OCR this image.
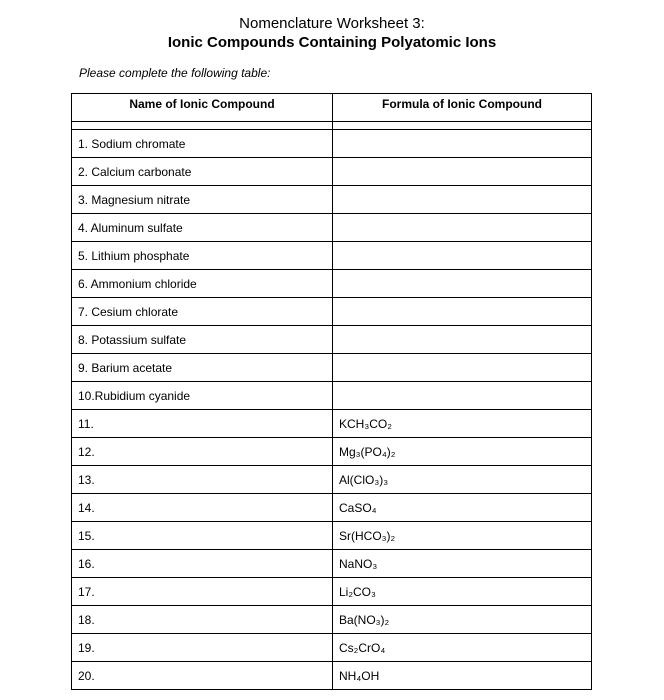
Nomenclature Worksheet 3:
Ionic Compounds Containing Polyatomic Ions
Please complete the following table:
Name of Ionic Compound	Formula of Ionic Compound

1. Sodium chromate	
2. Calcium carbonate	
3. Magnesium nitrate	
4. Aluminum sulfate	
5. Lithium phosphate	
6. Ammonium chloride	
7. Cesium chlorate	
8. Potassium sulfate	
9. Barium acetate	
10.Rubidium cyanide	
11.	KCH₃CO₂
12.	Mg₃(PO₄)₂
13.	Al(ClO₃)₃
14.	CaSO₄
15.	Sr(HCO₃)₂
16.	NaNO₃
17.	Li₂CO₃
18.	Ba(NO₃)₂
19.	Cs₂CrO₄
20.	NH₄OH
